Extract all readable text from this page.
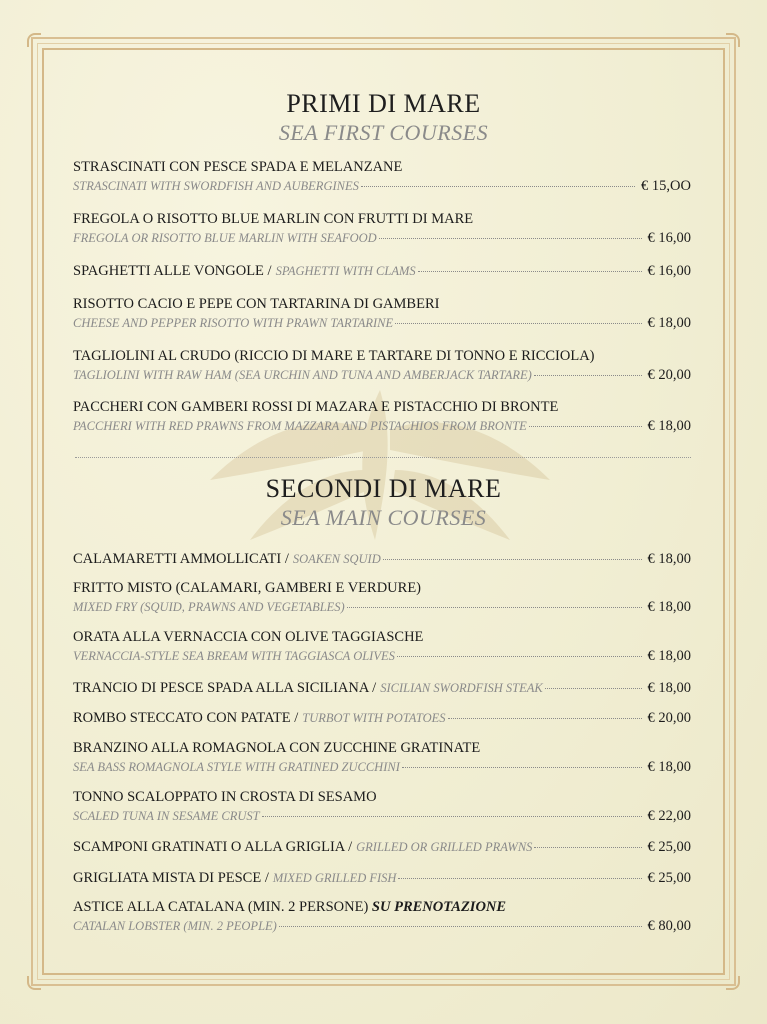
PRIMI DI MARE
SEA FIRST COURSES
STRASCINATI CON PESCE SPADA E MELANZANE
STRASCINATI WITH SWORDFISH AND AUBERGINES	€ 15,OO
FREGOLA O RISOTTO BLUE MARLIN CON FRUTTI DI MARE
FREGOLA OR RISOTTO BLUE MARLIN WITH SEAFOOD	€ 16,00
SPAGHETTI ALLE VONGOLE /
SPAGHETTI WITH CLAMS	€ 16,00
RISOTTO CACIO E PEPE CON TARTARINA DI GAMBERI
CHEESE AND PEPPER RISOTTO WITH PRAWN TARTARINE	€ 18,00
TAGLIOLINI AL CRUDO (RICCIO DI MARE E TARTARE DI TONNO E RICCIOLA)
TAGLIOLINI WITH RAW HAM (SEA URCHIN AND TUNA AND AMBERJACK TARTARE)	€ 20,00
PACCHERI CON GAMBERI ROSSI DI MAZARA E PISTACCHIO DI BRONTE
PACCHERI WITH RED PRAWNS FROM MAZZARA AND PISTACHIOS FROM BRONTE	€ 18,00
SECONDI DI MARE
SEA MAIN COURSES
CALAMARETTI AMMOLLICATI /
SOAKEN SQUID	€ 18,00
FRITTO MISTO (CALAMARI, GAMBERI E VERDURE)
MIXED FRY (SQUID, PRAWNS AND VEGETABLES)	€ 18,00
ORATA ALLA VERNACCIA CON OLIVE TAGGIASCHE
VERNACCIA-STYLE SEA BREAM WITH TAGGIASCA OLIVES	€ 18,00
TRANCIO DI PESCE SPADA ALLA SICILIANA /
SICILIAN SWORDFISH STEAK	€ 18,00
ROMBO STECCATO CON PATATE /
TURBOT WITH POTATOES	€ 20,00
BRANZINO ALLA ROMAGNOLA CON ZUCCHINE GRATINATE
SEA BASS ROMAGNOLA STYLE WITH GRATINED ZUCCHINI	€ 18,00
TONNO SCALOPPATO IN CROSTA DI SESAMO
SCALED TUNA IN SESAME CRUST	€ 22,00
SCAMPONI GRATINATI O ALLA GRIGLIA /
GRILLED OR GRILLED PRAWNS	€ 25,00
GRIGLIATA MISTA DI PESCE /
MIXED GRILLED FISH	€ 25,00
ASTICE ALLA CATALANA (MIN. 2 PERSONE) SU PRENOTAZIONE
CATALAN LOBSTER (MIN. 2 PEOPLE)	€ 80,00
